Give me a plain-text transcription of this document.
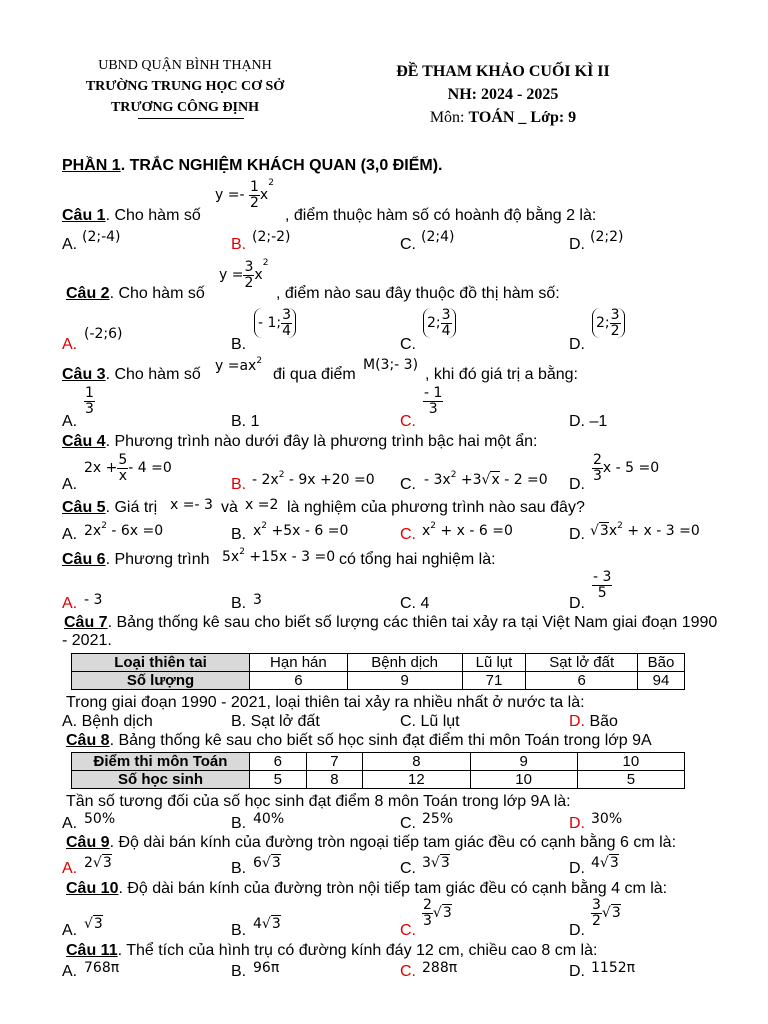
UBND QUẬN BÌNH THẠNH
TRƯỜNG TRUNG HỌC CƠ SỞ
TRƯƠNG CÔNG ĐỊNH
ĐỀ THAM KHẢO CUỐI KÌ II
NH: 2024 - 2025
Môn: TOÁN _ Lớp: 9
PHẦN 1. TRẮC NGHIỆM KHÁCH QUAN (3,0 ĐIỂM).
Câu 1. Cho hàm số
$y =- \frac{1}{2} x^2$
, điểm thuộc hàm số có hoành độ bằng 2 là:
A. (2;-4)	B. (2;-2)	C. (2;4)	D. (2;2)
Câu 2. Cho hàm số
$y = \frac{3}{2} x^2$
, điểm nào sau đây thuộc đồ thị hàm số:
A.
(-2;6)
B.
- 1; $\frac{3}{4}$
C.
2; $\frac{3}{4}$
D.
2; $\frac{3}{2}$
Câu 3. Cho hàm số $y =ax^2$
đi qua điểm
M(3;- 3)
, khi đó giá trị a bằng:
A.
$\frac{1}{3}$
B. 1	C.
$\frac{- 1}{3}$
D. –1
Câu 4. Phương trình nào dưới đây là phương trình bậc hai một ẩn:
A.
$2x + \frac{5}{x} - 4 =0$
B. - $2x^2 - 9x +20 =0$ C. - $3x^2 +3√x - 2 =0$ D.
$\frac{2}{3}$ x - 5 =0
Câu 5. Giá trị x =- 3 và x =2 là nghiệm của phương trình nào sau đây?
A. $2x^2 - 6x =0$	B. $x^2 +5x - 6 =0$	C. $x^2 + x - 6 =0$	D. $√3x^2 + x - 3 =0$
Câu 6. Phương trình $5x^2 +15x - 3 =0$ có tổng hai nghiệm là:
A. - 3	B. 3	C. 4	D.
$\frac{- 3}{5}$
Câu 7. Bảng thống kê sau cho biết số lượng các thiên tai xảy ra tại Việt Nam giai đoạn 1990
- 2021.
Loại thiên tai	Hạn hán	Bệnh dịch	Lũ lụt	Sạt lở đất	Bão
Số lượng	6	9	71	6	94
Trong giai đoạn 1990 - 2021, loại thiên tai xảy ra nhiều nhất ở nước ta là:
A. Bệnh dịch	B. Sạt lở đất	C. Lũ lụt	D. Bão
Câu 8. Bảng thống kê sau cho biết số học sinh đạt điểm thi môn Toán trong lớp 9A
Điểm thi môn Toán	6	7	8	9	10
Số học sinh	5	8	12	10	5
Tần số tương đối của số học sinh đạt điểm 8 môn Toán trong lớp 9A là:
A. 50%	B. 40%	C. 25%	D. 30%
Câu 9. Độ dài bán kính của đường tròn ngoại tiếp tam giác đều có cạnh bằng 6 cm là:
A. 2√3	B. 6√3	C. 3√3	D. 4√3
Câu 10. Độ dài bán kính của đường tròn nội tiếp tam giác đều có cạnh bằng 4 cm là:
A. √3	B. 4√3	C.
$\frac{2}{3} √3$
D.
$\frac{3}{2} √3$
Câu 11. Thể tích của hình trụ có đường kính đáy 12 cm, chiều cao 8 cm là:
A. 768π	B. 96π	C. 288π	D. 1152π
